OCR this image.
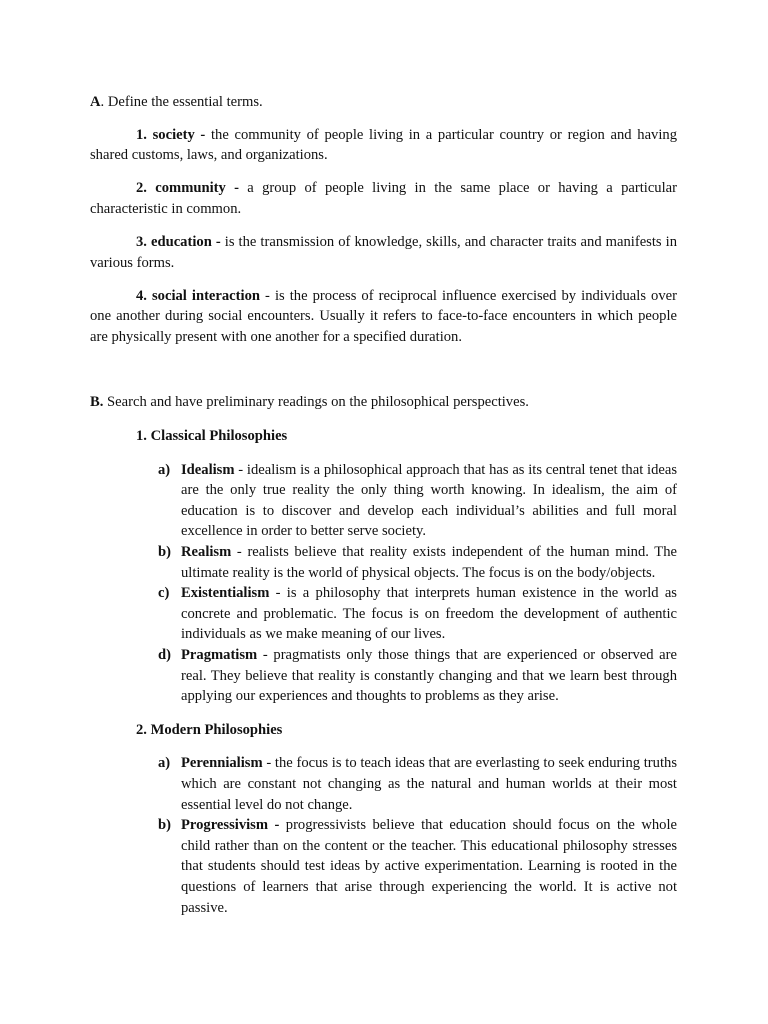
A. Define the essential terms.

1. society - the community of people living in a particular country or region and having shared customs, laws, and organizations.

2. community - a group of people living in the same place or having a particular characteristic in common.

3. education - is the transmission of knowledge, skills, and character traits and manifests in various forms.

4. social interaction - is the process of reciprocal influence exercised by individuals over one another during social encounters. Usually it refers to face-to-face encounters in which people are physically present with one another for a specified duration.

B. Search and have preliminary readings on the philosophical perspectives.

1. Classical Philosophies

a) Idealism - idealism is a philosophical approach that has as its central tenet that ideas are the only true reality the only thing worth knowing. In idealism, the aim of education is to discover and develop each individual’s abilities and full moral excellence in order to better serve society.
b) Realism - realists believe that reality exists independent of the human mind. The ultimate reality is the world of physical objects. The focus is on the body/objects.
c) Existentialism - is a philosophy that interprets human existence in the world as concrete and problematic. The focus is on freedom the development of authentic individuals as we make meaning of our lives.
d) Pragmatism - pragmatists only those things that are experienced or observed are real. They believe that reality is constantly changing and that we learn best through applying our experiences and thoughts to problems as they arise.

2. Modern Philosophies

a) Perennialism - the focus is to teach ideas that are everlasting to seek enduring truths which are constant not changing as the natural and human worlds at their most essential level do not change.
b) Progressivism - progressivists believe that education should focus on the whole child rather than on the content or the teacher. This educational philosophy stresses that students should test ideas by active experimentation. Learning is rooted in the questions of learners that arise through experiencing the world. It is active not passive.
